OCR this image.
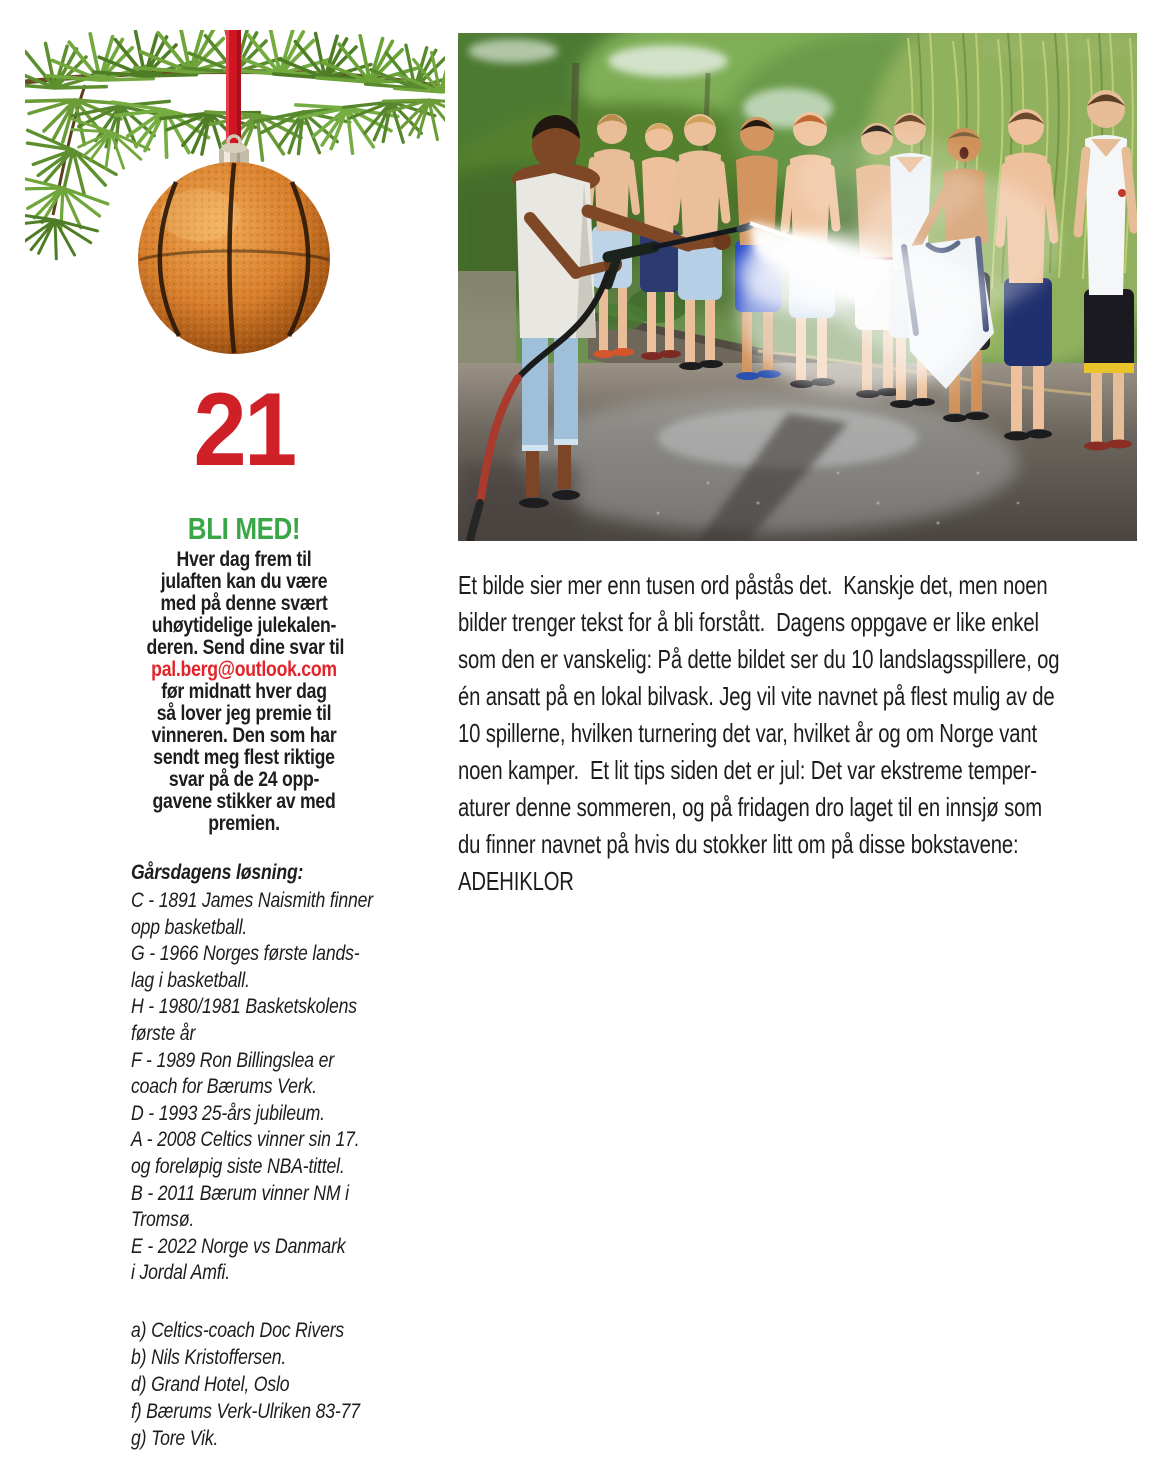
21
BLI MED!
Hver dag frem til
julaften kan du være
med på denne svært
uhøytidelige julekalen-
deren. Send dine svar til
pal.berg@outlook.com
før midnatt hver dag
så lover jeg premie til
vinneren. Den som har
sendt meg flest riktige
svar på de 24 opp-
gavene stikker av med
premien.
Gårsdagens løsning:
C - 1891 James Naismith finner
opp basketball.
G - 1966 Norges første lands-
lag i basketball.
H - 1980/1981 Basketskolens
første år
F - 1989 Ron Billingslea er
coach for Bærums Verk.
D - 1993 25-års jubileum.
A - 2008 Celtics vinner sin 17.
og foreløpig siste NBA-tittel.
B - 2011 Bærum vinner NM i
Tromsø.
E - 2022 Norge vs Danmark
i Jordal Amfi.
a) Celtics-coach Doc Rivers
b) Nils Kristoffersen.
d) Grand Hotel, Oslo
f) Bærums Verk-Ulriken 83-77
g) Tore Vik.
Et bilde sier mer enn tusen ord påstås det.  Kanskje det, men noen
bilder trenger tekst for å bli forstått.  Dagens oppgave er like enkel
som den er vanskelig: På dette bildet ser du 10 landslagsspillere, og
én ansatt på en lokal bilvask. Jeg vil vite navnet på flest mulig av de
10 spillerne, hvilken turnering det var, hvilket år og om Norge vant
noen kamper.  Et lit tips siden det er jul: Det var ekstreme temper-
aturer denne sommeren, og på fridagen dro laget til en innsjø som
du finner navnet på hvis du stokker litt om på disse bokstavene:
ADEHIKLOR
